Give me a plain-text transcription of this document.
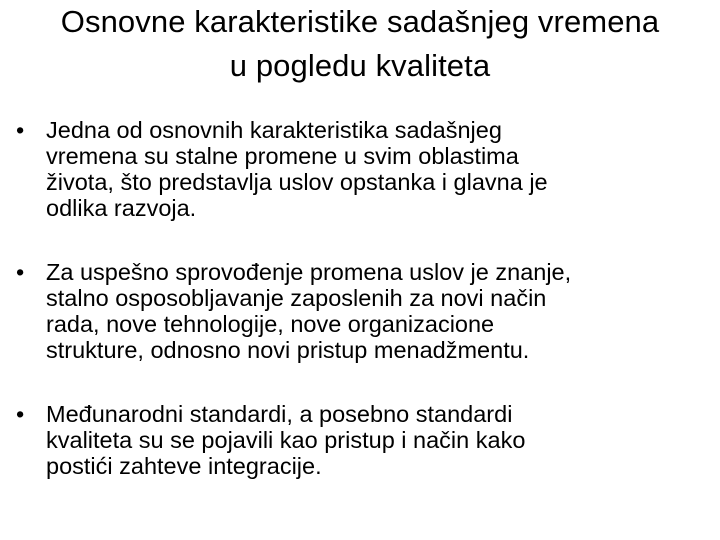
Osnovne karakteristike sadašnjeg vremena
u pogledu kvaliteta
• Jedna od osnovnih karakteristika sadašnjeg
vremena su stalne promene u svim oblastima
života, što predstavlja uslov opstanka i glavna je
odlika razvoja.
• Za uspešno sprovođenje promena uslov je znanje,
stalno osposobljavanje zaposlenih za novi način
rada, nove tehnologije, nove organizacione
strukture, odnosno novi pristup menadžmentu.
• Međunarodni standardi, a posebno standardi
kvaliteta su se pojavili kao pristup i način kako
postići zahteve integracije.
